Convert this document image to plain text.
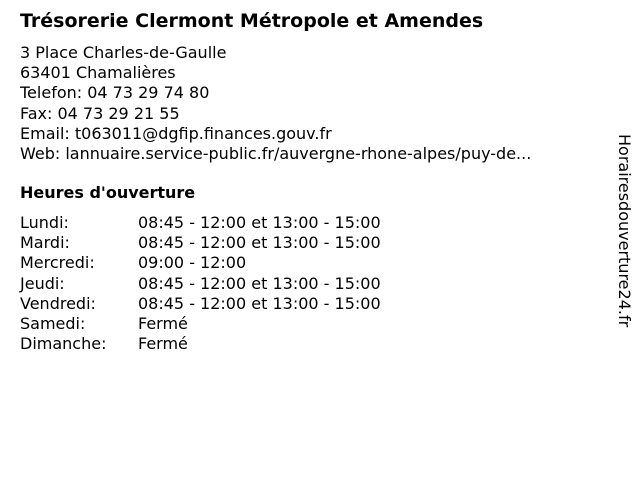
Trésorerie Clermont Métropole et Amendes
3 Place Charles-de-Gaulle
63401 Chamalières
Telefon: 04 73 29 74 80
Fax: 04 73 29 21 55
Email: t063011@dgfip.finances.gouv.fr
Web: lannuaire.service-public.fr/auvergne-rhone-alpes/puy-de...
Heures d'ouverture
Lundi:	08:45 - 12:00 et 13:00 - 15:00
Mardi:	08:45 - 12:00 et 13:00 - 15:00
Mercredi:	09:00 - 12:00
Jeudi:	08:45 - 12:00 et 13:00 - 15:00
Vendredi:	08:45 - 12:00 et 13:00 - 15:00
Samedi:	Fermé
Dimanche:	Fermé
Horairesdouverture24.fr
